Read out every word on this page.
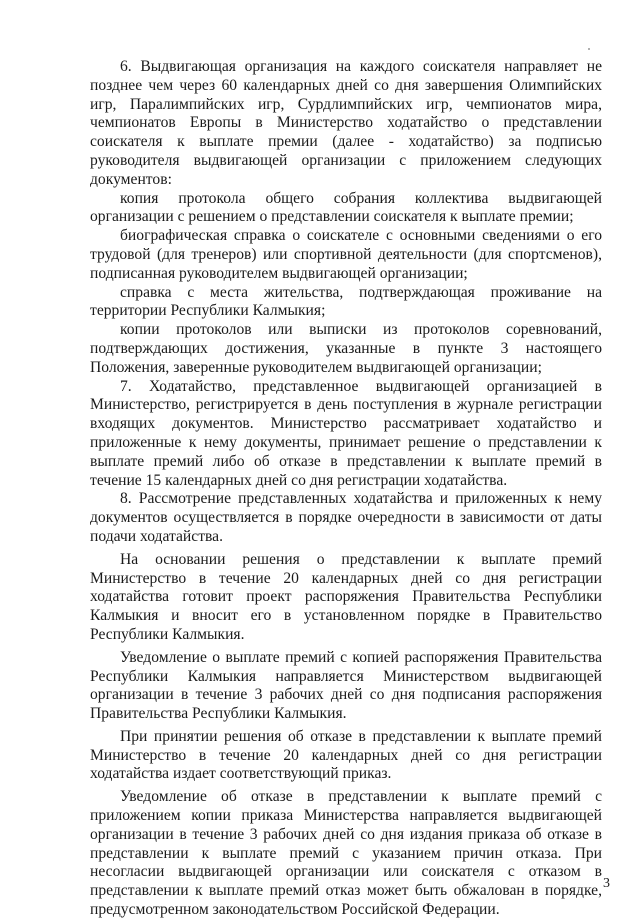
6. Выдвигающая организация на каждого соискателя направляет не позднее чем через 60 календарных дней со дня завершения Олимпийских игр, Паралимпийских игр, Сурдлимпийских игр, чемпионатов мира, чемпионатов Европы в Министерство ходатайство о представлении соискателя к выплате премии (далее - ходатайство) за подписью руководителя выдвигающей организации с приложением следующих документов:

копия протокола общего собрания коллектива выдвигающей организации с решением о представлении соискателя к выплате премии;

биографическая справка о соискателе с основными сведениями о его трудовой (для тренеров) или спортивной деятельности (для спортсменов), подписанная руководителем выдвигающей организации;

справка с места жительства, подтверждающая проживание на территории Республики Калмыкия;

копии протоколов или выписки из протоколов соревнований, подтверждающих достижения, указанные в пункте 3 настоящего Положения, заверенные руководителем выдвигающей организации;

7. Ходатайство, представленное выдвигающей организацией в Министерство, регистрируется в день поступления в журнале регистрации входящих документов. Министерство рассматривает ходатайство и приложенные к нему документы, принимает решение о представлении к выплате премий либо об отказе в представлении к выплате премий в течение 15 календарных дней со дня регистрации ходатайства.

8. Рассмотрение представленных ходатайства и приложенных к нему документов осуществляется в порядке очередности в зависимости от даты подачи ходатайства.

На основании решения о представлении к выплате премий Министерство в течение 20 календарных дней со дня регистрации ходатайства готовит проект распоряжения Правительства Республики Калмыкия и вносит его в установленном порядке в Правительство Республики Калмыкия.

Уведомление о выплате премий с копией распоряжения Правительства Республики Калмыкия направляется Министерством выдвигающей организации в течение 3 рабочих дней со дня подписания распоряжения Правительства Республики Калмыкия.

При принятии решения об отказе в представлении к выплате премий Министерство в течение 20 календарных дней со дня регистрации ходатайства издает соответствующий приказ.

Уведомление об отказе в представлении к выплате премий с приложением копии приказа Министерства направляется выдвигающей организации в течение 3 рабочих дней со дня издания приказа об отказе в представлении к выплате премий с указанием причин отказа. При несогласии выдвигающей организации или соискателя с отказом в представлении к выплате премий отказ может быть обжалован в порядке, предусмотренном законодательством Российской Федерации.

3
